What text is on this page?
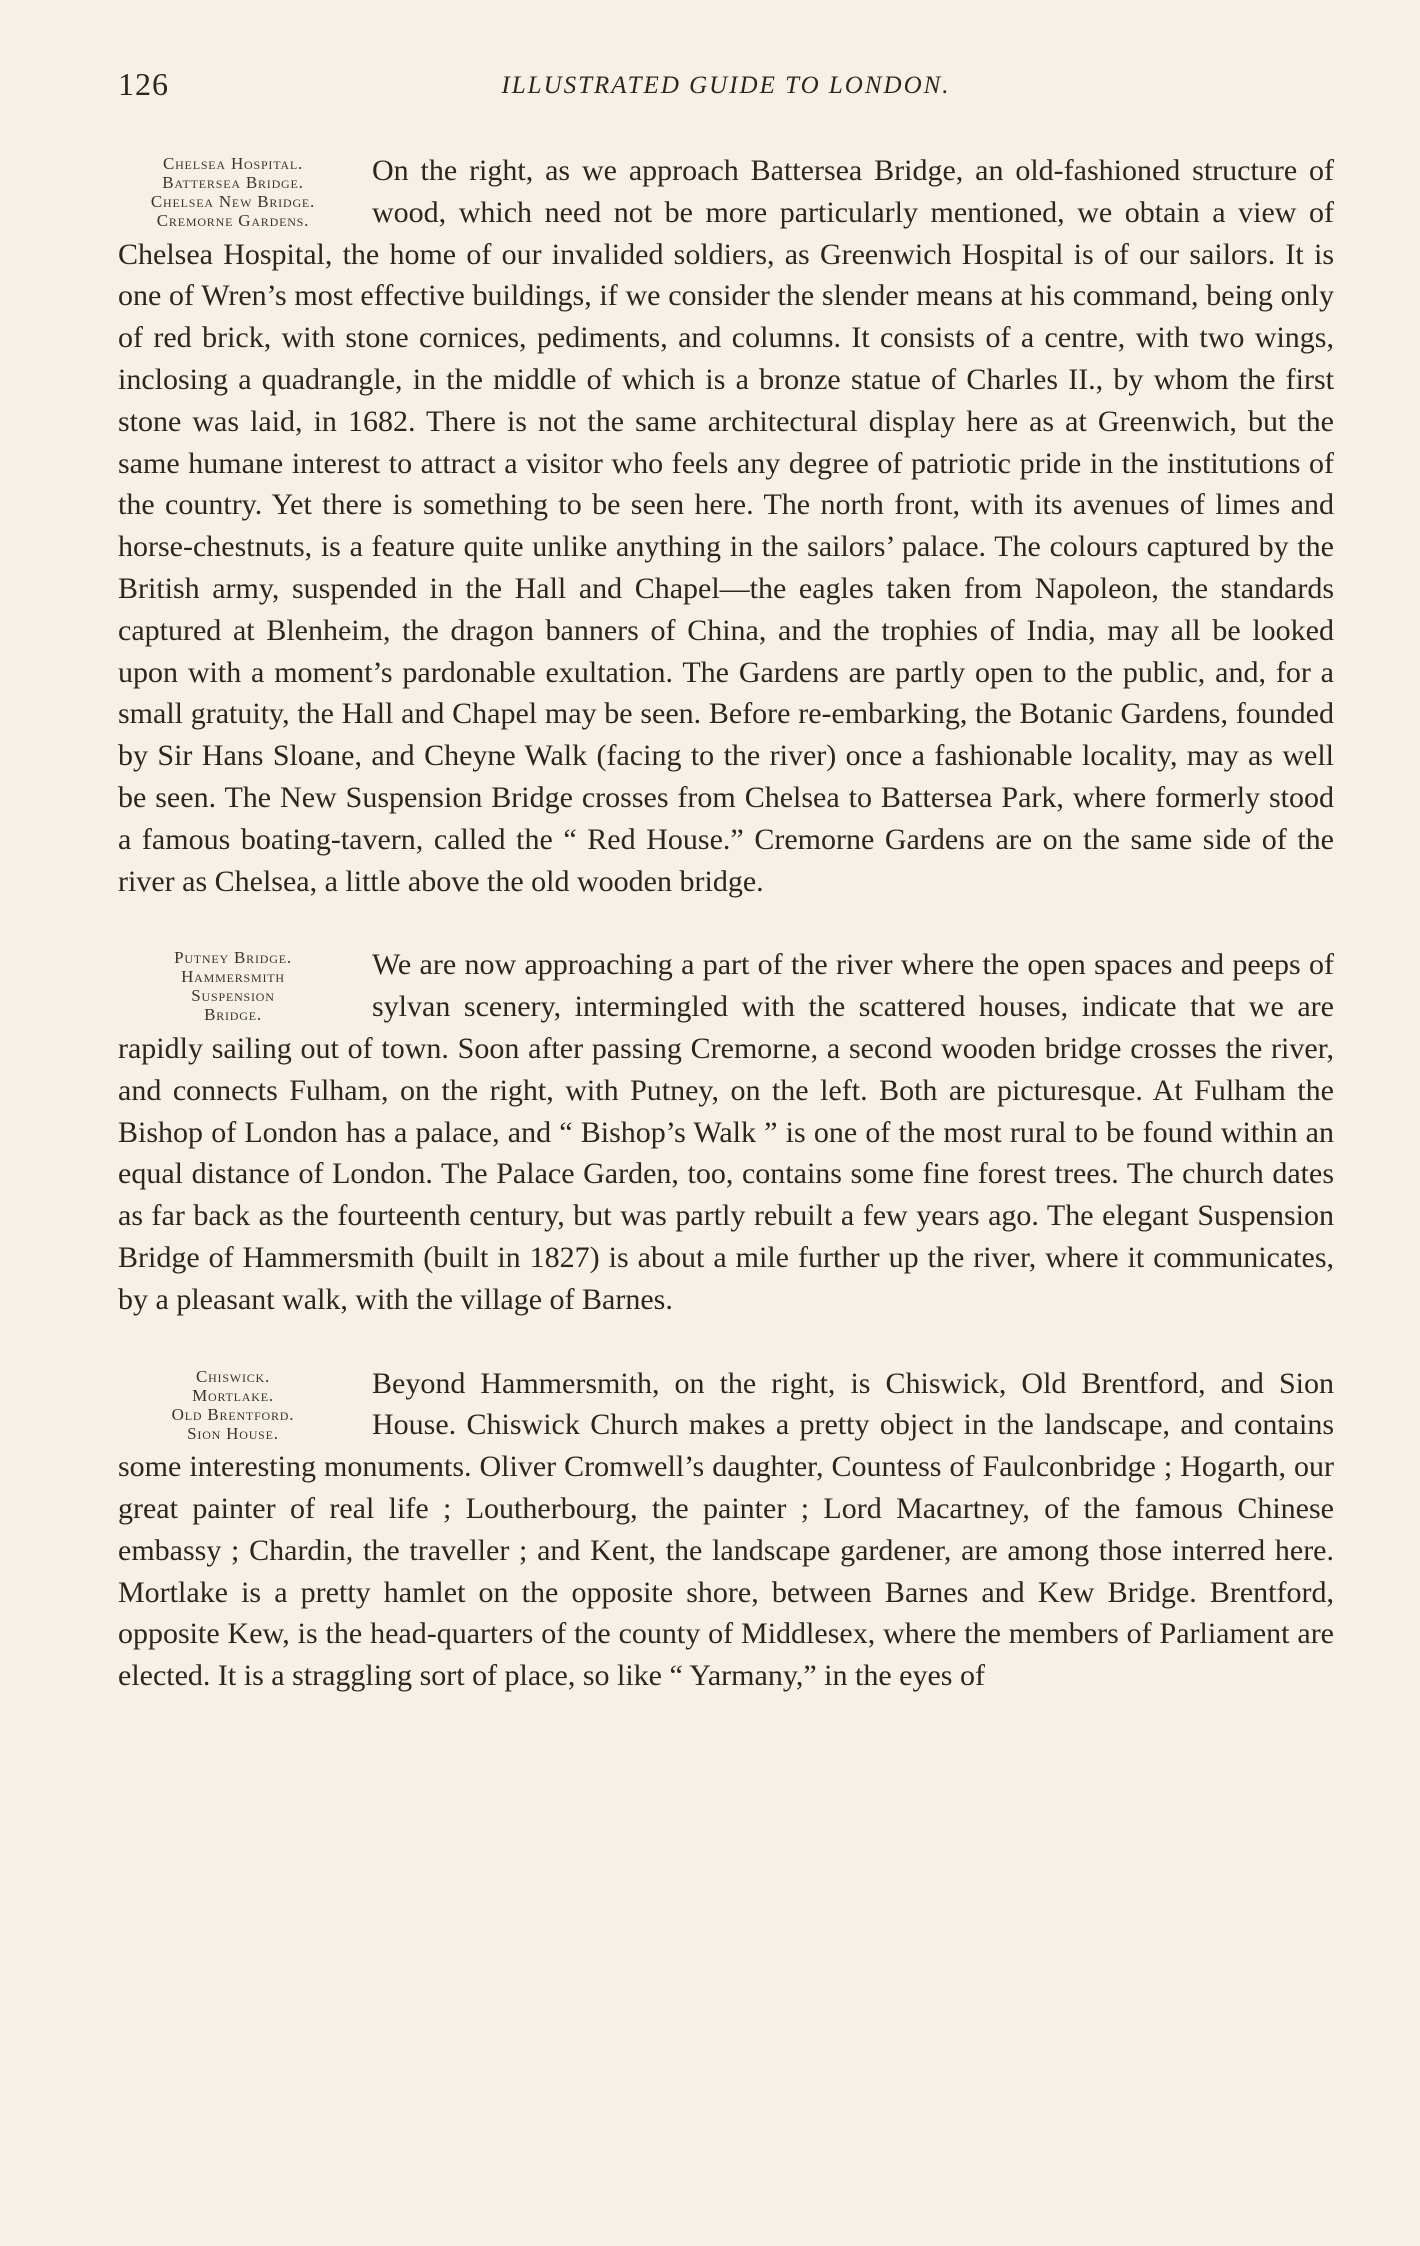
126	ILLUSTRATED GUIDE TO LONDON.
Chelsea Hospital.
Battersea Bridge.
Chelsea New Bridge.
Cremorne Gardens.
On the right, as we approach Battersea Bridge, an old-fashioned structure of wood, which need not be more particularly mentioned, we obtain a view of Chelsea Hospital, the home of our invalided soldiers, as Greenwich Hospital is of our sailors. It is one of Wren’s most effective buildings, if we consider the slender means at his command, being only of red brick, with stone cornices, pediments, and columns. It consists of a centre, with two wings, inclosing a quadrangle, in the middle of which is a bronze statue of Charles II., by whom the first stone was laid, in 1682. There is not the same architectural display here as at Greenwich, but the same humane interest to attract a visitor who feels any degree of patriotic pride in the institutions of the country. Yet there is something to be seen here. The north front, with its avenues of limes and horse-chestnuts, is a feature quite unlike anything in the sailors’ palace. The colours captured by the British army, suspended in the Hall and Chapel—the eagles taken from Napoleon, the standards captured at Blenheim, the dragon banners of China, and the trophies of India, may all be looked upon with a moment’s pardonable exultation. The Gardens are partly open to the public, and, for a small gratuity, the Hall and Chapel may be seen. Before re-embarking, the Botanic Gardens, founded by Sir Hans Sloane, and Cheyne Walk (facing to the river) once a fashionable locality, may as well be seen. The New Suspension Bridge crosses from Chelsea to Battersea Park, where formerly stood a famous boating-tavern, called the “ Red House.” Cremorne Gardens are on the same side of the river as Chelsea, a little above the old wooden bridge.
Putney Bridge.
Hammersmith
Suspension
Bridge.
We are now approaching a part of the river where the open spaces and peeps of sylvan scenery, intermingled with the scattered houses, indicate that we are rapidly sailing out of town. Soon after passing Cremorne, a second wooden bridge crosses the river, and connects Fulham, on the right, with Putney, on the left. Both are picturesque. At Fulham the Bishop of London has a palace, and “ Bishop’s Walk ” is one of the most rural to be found within an equal distance of London. The Palace Garden, too, contains some fine forest trees. The church dates as far back as the fourteenth century, but was partly rebuilt a few years ago. The elegant Suspension Bridge of Hammersmith (built in 1827) is about a mile further up the river, where it communicates, by a pleasant walk, with the village of Barnes.
Chiswick.
Mortlake.
Old Brentford.
Sion House.
Beyond Hammersmith, on the right, is Chiswick, Old Brentford, and Sion House. Chiswick Church makes a pretty object in the landscape, and contains some interesting monuments. Oliver Cromwell’s daughter, Countess of Faulconbridge ; Hogarth, our great painter of real life ; Loutherbourg, the painter ; Lord Macartney, of the famous Chinese embassy ; Chardin, the traveller ; and Kent, the landscape gardener, are among those interred here. Mortlake is a pretty hamlet on the opposite shore, between Barnes and Kew Bridge. Brentford, opposite Kew, is the head-quarters of the county of Middlesex, where the members of Parliament are elected. It is a straggling sort of place, so like “ Yarmany,” in the eyes of
